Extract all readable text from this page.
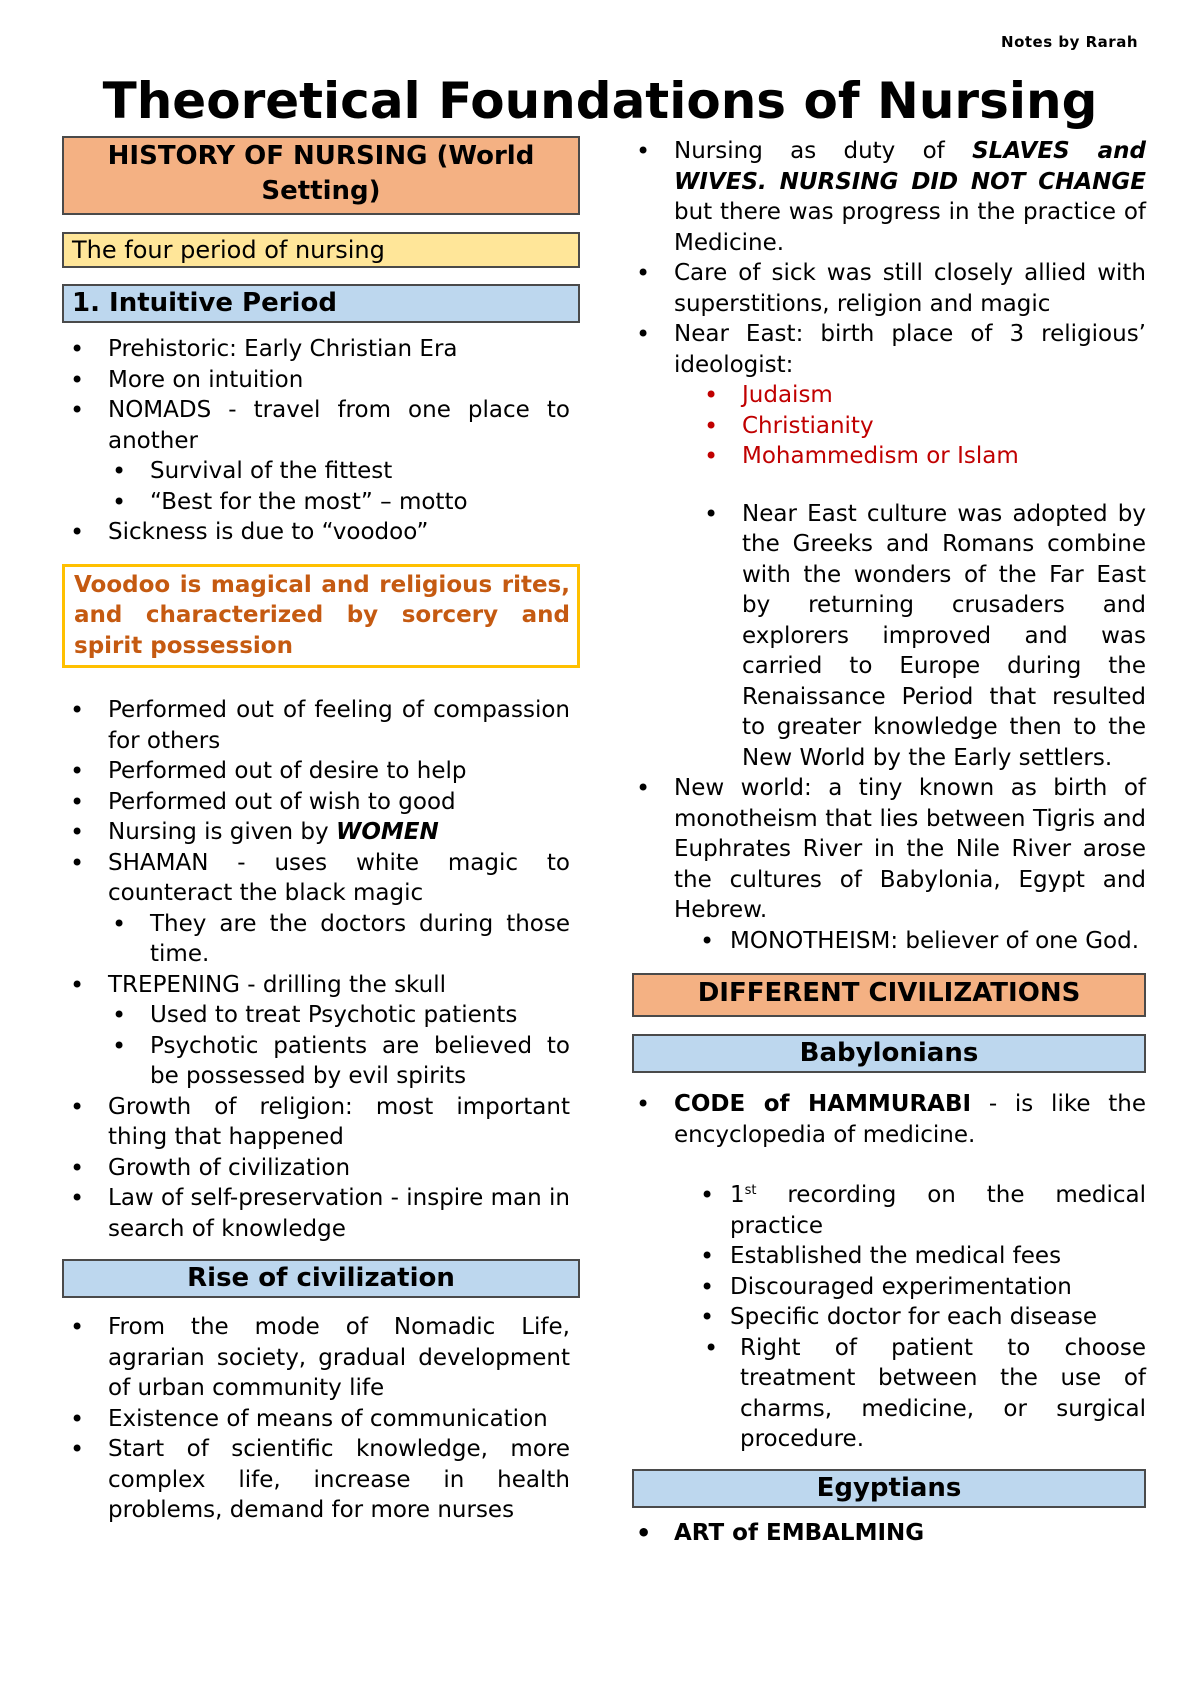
Notes by Rarah
Theoretical Foundations of Nursing
HISTORY OF NURSING (World Setting)
The four period of nursing
1. Intuitive Period
• Prehistoric: Early Christian Era
• More on intuition
• NOMADS - travel from one place to another
• Survival of the fittest
• “Best for the most” – motto
• Sickness is due to “voodoo”
Voodoo is magical and religious rites, and characterized by sorcery and spirit possession
• Performed out of feeling of compassion for others
• Performed out of desire to help
• Performed out of wish to good
• Nursing is given by WOMEN
• SHAMAN - uses white magic to counteract the black magic
• They are the doctors during those time.
• TREPENING - drilling the skull
• Used to treat Psychotic patients
• Psychotic patients are believed to be possessed by evil spirits
• Growth of religion: most important thing that happened
• Growth of civilization
• Law of self-preservation - inspire man in search of knowledge
Rise of civilization
• From the mode of Nomadic Life, agrarian society, gradual development of urban community life
• Existence of means of communication
• Start of scientific knowledge, more complex life, increase in health problems, demand for more nurses
• Nursing as duty of SLAVES and WIVES. NURSING DID NOT CHANGE but there was progress in the practice of Medicine.
• Care of sick was still closely allied with superstitions, religion and magic
• Near East: birth place of 3 religious’ ideologist:
• Judaism
• Christianity
• Mohammedism or Islam
• Near East culture was adopted by the Greeks and Romans combine with the wonders of the Far East by returning crusaders and explorers improved and was carried to Europe during the Renaissance Period that resulted to greater knowledge then to the New World by the Early settlers.
• New world: a tiny known as birth of monotheism that lies between Tigris and Euphrates River in the Nile River arose the cultures of Babylonia, Egypt and Hebrew.
• MONOTHEISM: believer of one God.
DIFFERENT CIVILIZATIONS
Babylonians
• CODE of HAMMURABI - is like the encyclopedia of medicine.
• 1st recording on the medical practice
• Established the medical fees
• Discouraged experimentation
• Specific doctor for each disease
• Right of patient to choose treatment between the use of charms, medicine, or surgical procedure.
Egyptians
• ART of EMBALMING
